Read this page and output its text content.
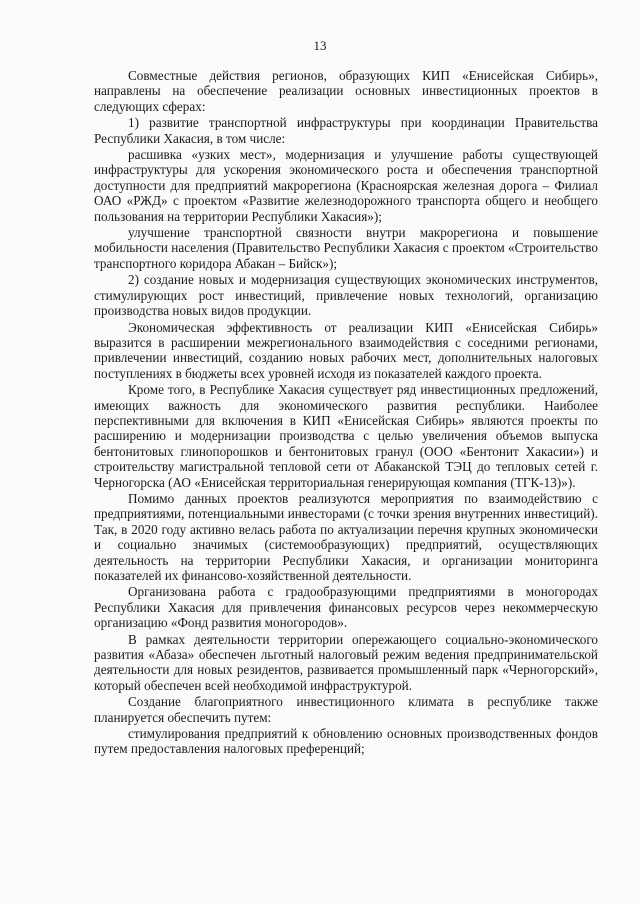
13

Совместные действия регионов, образующих КИП «Енисейская Сибирь», направлены на обеспечение реализации основных инвестиционных проектов в следующих сферах:

1) развитие транспортной инфраструктуры при координации Правительства Республики Хакасия, в том числе:

расшивка «узких мест», модернизация и улучшение работы существующей инфраструктуры для ускорения экономического роста и обеспечения транспортной доступности для предприятий макрорегиона (Красноярская железная дорога – Филиал ОАО «РЖД» с проектом «Развитие железнодорожного транспорта общего и необщего пользования на территории Республики Хакасия»);

улучшение транспортной связности внутри макрорегиона и повышение мобильности населения (Правительство Республики Хакасия с проектом «Строительство транспортного коридора Абакан – Бийск»);

2) создание новых и модернизация существующих экономических инструментов, стимулирующих рост инвестиций, привлечение новых технологий, организацию производства новых видов продукции.

Экономическая эффективность от реализации КИП «Енисейская Сибирь» выразится в расширении межрегионального взаимодействия с соседними регионами, привлечении инвестиций, созданию новых рабочих мест, дополнительных налоговых поступлениях в бюджеты всех уровней исходя из показателей каждого проекта.

Кроме того, в Республике Хакасия существует ряд инвестиционных предложений, имеющих важность для экономического развития республики. Наиболее перспективными для включения в КИП «Енисейская Сибирь» являются проекты по расширению и модернизации производства с целью увеличения объемов выпуска бентонитовых глинопорошков и бентонитовых гранул (ООО «Бентонит Хакасии») и строительству магистральной тепловой сети от Абаканской ТЭЦ до тепловых сетей г. Черногорска (АО «Енисейская территориальная генерирующая компания (ТГК-13)»).

Помимо данных проектов реализуются мероприятия по взаимодействию с предприятиями, потенциальными инвесторами (с точки зрения внутренних инвестиций). Так, в 2020 году активно велась работа по актуализации перечня крупных экономически и социально значимых (системообразующих) предприятий, осуществляющих деятельность на территории Республики Хакасия, и организации мониторинга показателей их финансово-хозяйственной деятельности.

Организована работа с градообразующими предприятиями в моногородах Республики Хакасия для привлечения финансовых ресурсов через некоммерческую организацию «Фонд развития моногородов».

В рамках деятельности территории опережающего социально-экономического развития «Абаза» обеспечен льготный налоговый режим ведения предпринимательской деятельности для новых резидентов, развивается промышленный парк «Черногорский», который обеспечен всей необходимой инфраструктурой.

Создание благоприятного инвестиционного климата в республике также планируется обеспечить путем:

стимулирования предприятий к обновлению основных производственных фондов путем предоставления налоговых преференций;
